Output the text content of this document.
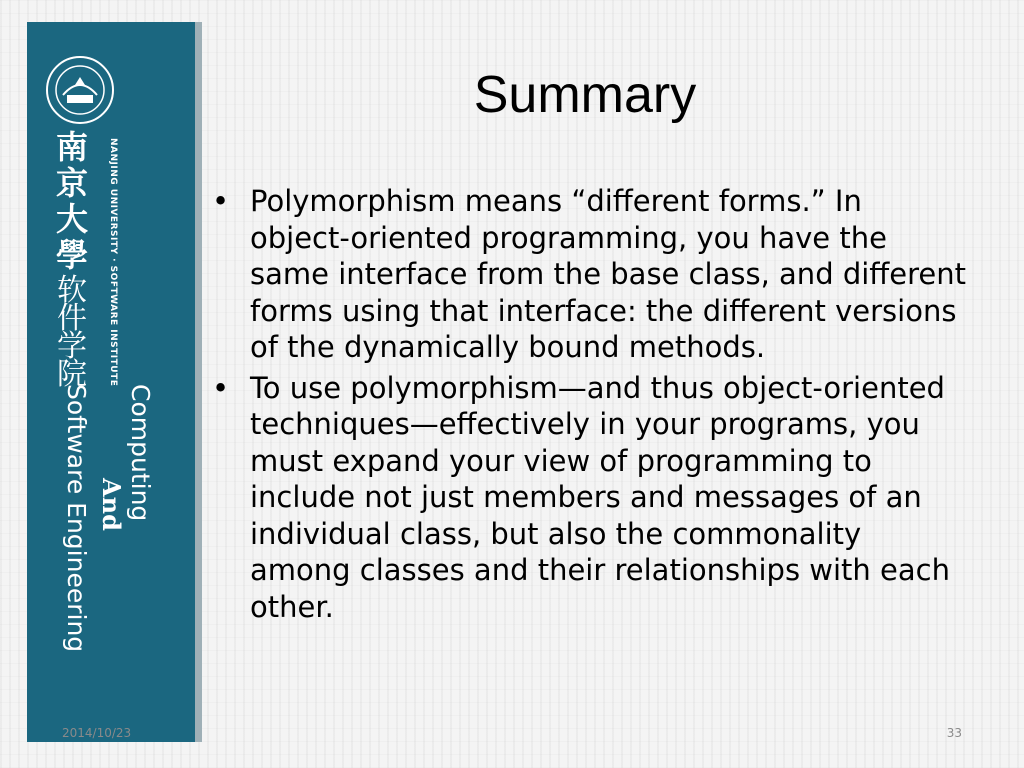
南
京
大
學
软
件
学
院	NANJING UNIVERSITY · SOFTWARE INSTITUTE
Computing
And
Software Engineering
Summary
• Polymorphism means “different forms.” In object-oriented programming, you have the same interface from the base class, and different forms using that interface: the different versions of the dynamically bound methods.
• To use polymorphism—and thus object-oriented techniques—effectively in your programs, you must expand your view of programming to include not just members and messages of an individual class, but also the commonality among classes and their relationships with each other.
2014/10/23	33
